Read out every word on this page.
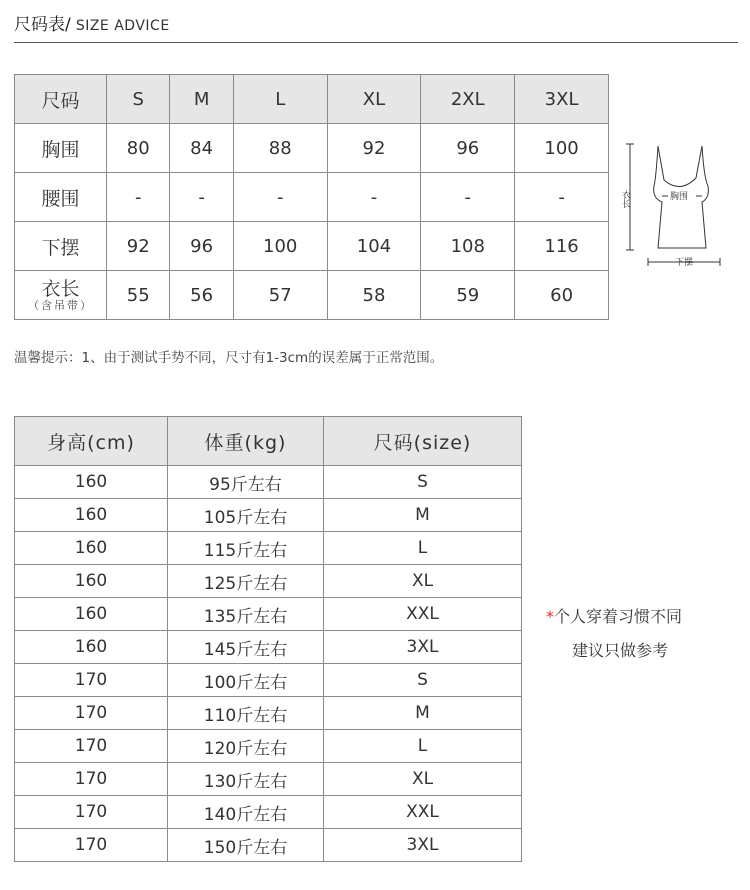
尺码表/ SIZE ADVICE
尺码	S	M	L	XL	2XL	3XL
胸围	80	84	88	92	96	100
腰围	-	-	-	-	-	-
下摆	92	96	100	104	108	116

衣长
（含吊带）	55	56	57	58	59	60
衣长	胸围
下摆
温馨提示：1、由于测试手势不同，尺寸有1-3cm的误差属于正常范围。
身高(cm)	体重(kg)	尺码(size)
160	95斤左右	S
160	105斤左右	M
160	115斤左右	L
160	125斤左右	XL
160	135斤左右	XXL
160	145斤左右	3XL
170	100斤左右	S
170	110斤左右	M
170	120斤左右	L
170	130斤左右	XL
170	140斤左右	XXL
170	150斤左右	3XL
*个人穿着习惯不同
建议只做参考
